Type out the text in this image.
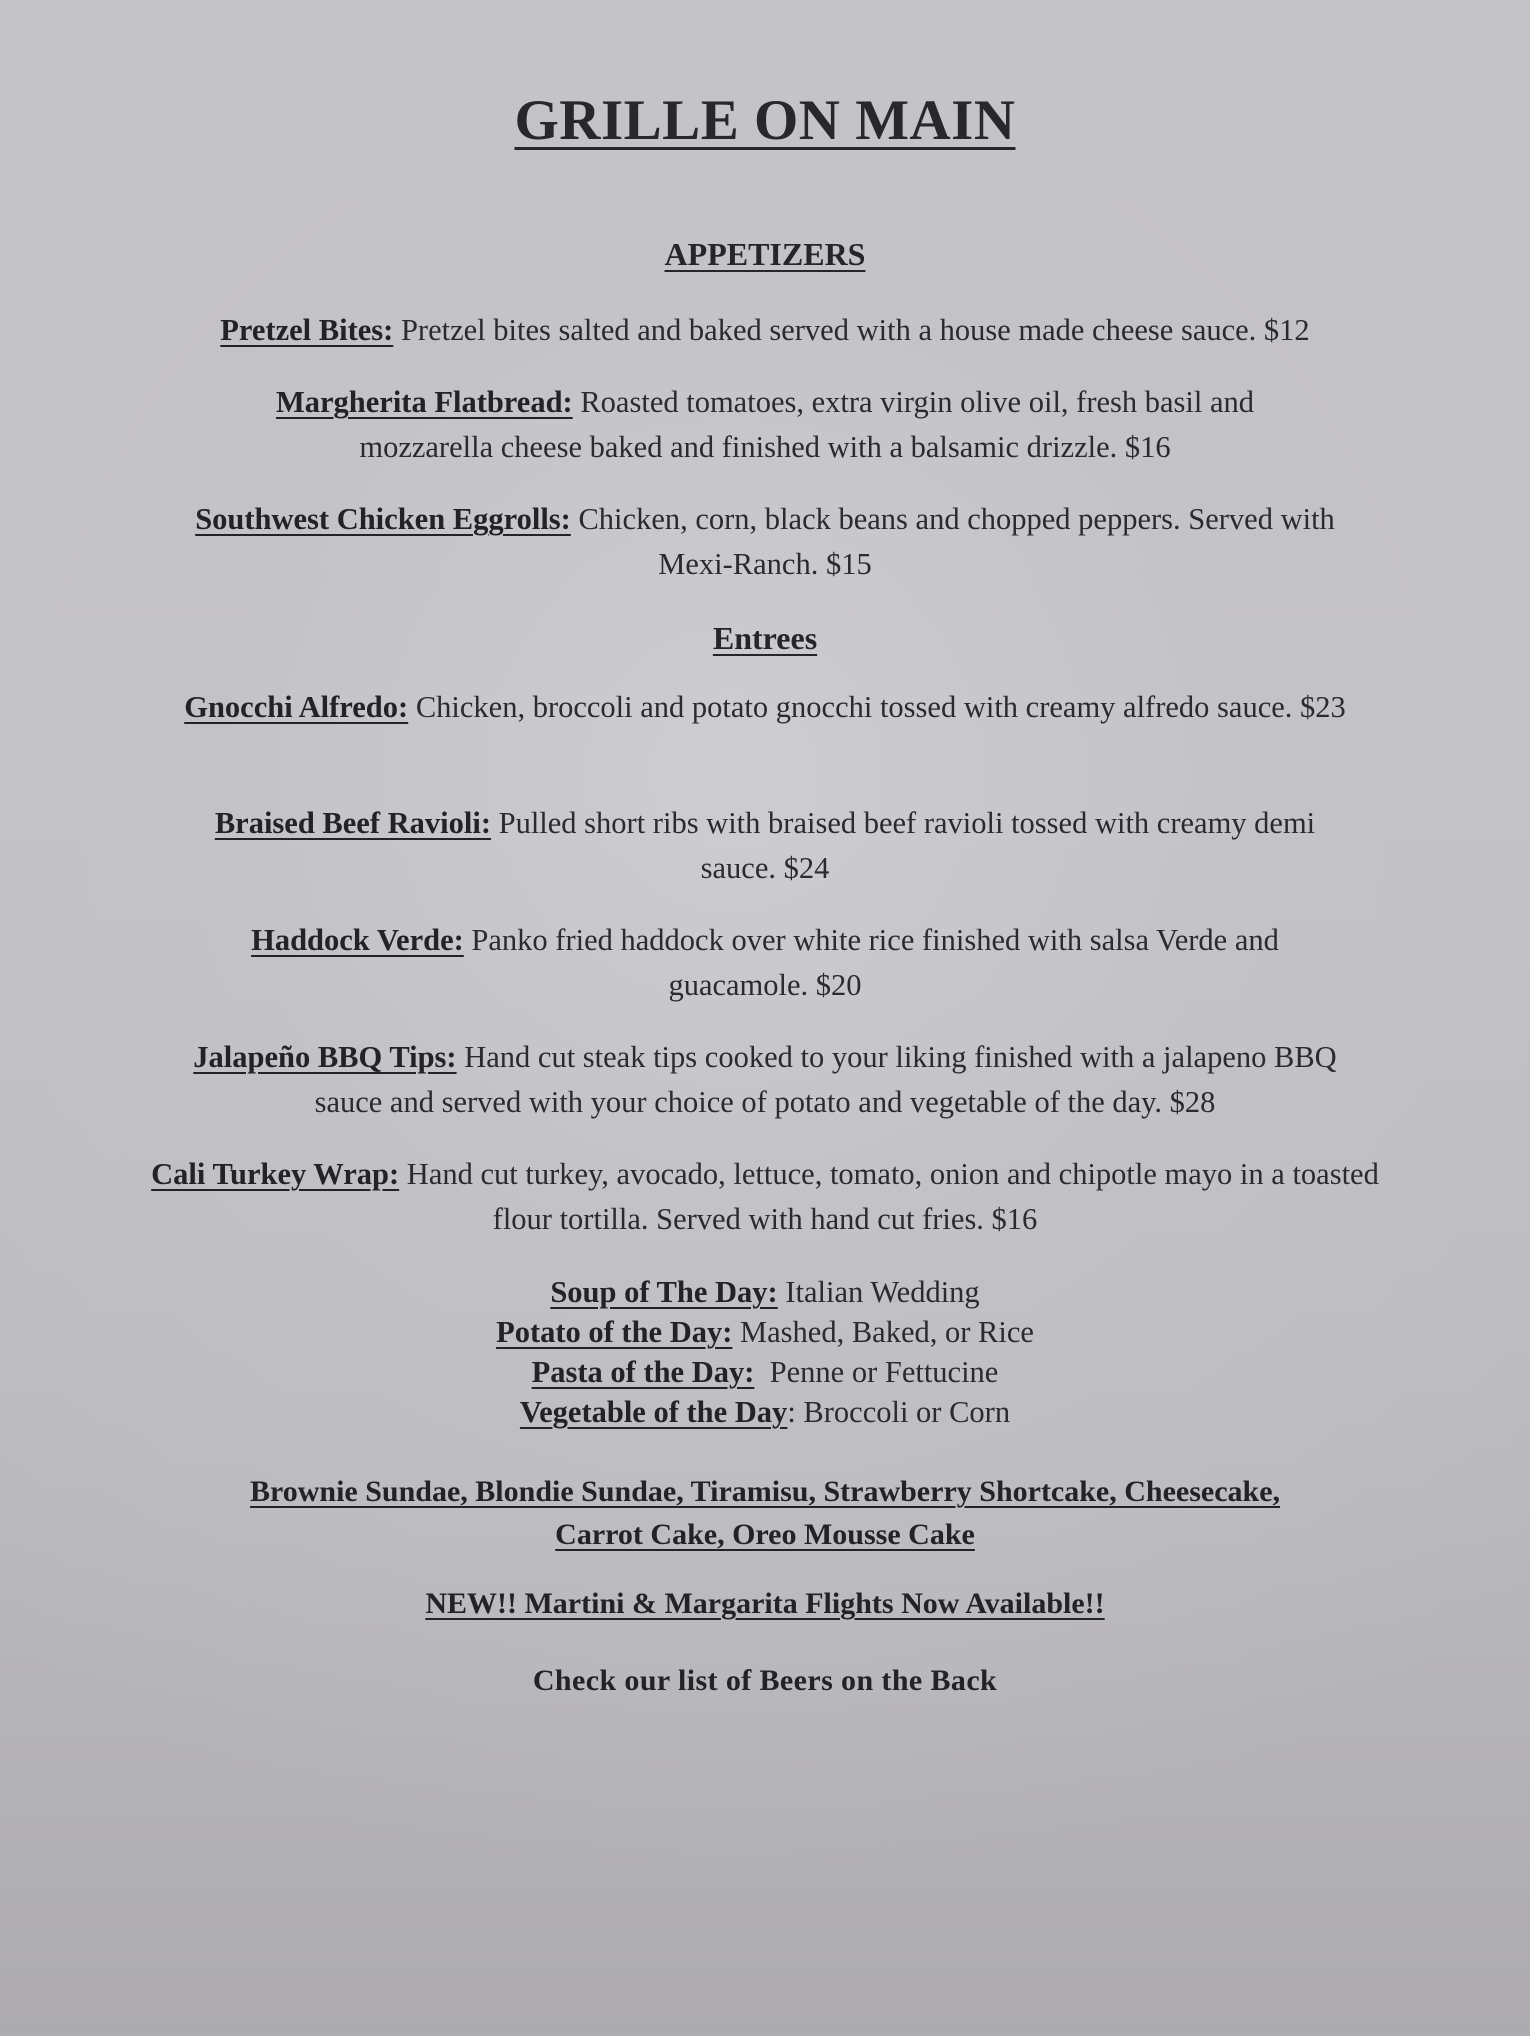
GRILLE ON MAIN
APPETIZERS

Pretzel Bites: Pretzel bites salted and baked served with a house made cheese sauce. $12

Margherita Flatbread: Roasted tomatoes, extra virgin olive oil, fresh basil and mozzarella cheese baked and finished with a balsamic drizzle. $16

Southwest Chicken Eggrolls: Chicken, corn, black beans and chopped peppers. Served with Mexi-Ranch. $15

Entrees

Gnocchi Alfredo: Chicken, broccoli and potato gnocchi tossed with creamy alfredo sauce. $23

Braised Beef Ravioli: Pulled short ribs with braised beef ravioli tossed with creamy demi sauce. $24

Haddock Verde: Panko fried haddock over white rice finished with salsa Verde and guacamole. $20

Jalapeño BBQ Tips: Hand cut steak tips cooked to your liking finished with a jalapeno BBQ sauce and served with your choice of potato and vegetable of the day. $28

Cali Turkey Wrap: Hand cut turkey, avocado, lettuce, tomato, onion and chipotle mayo in a toasted flour tortilla. Served with hand cut fries. $16

Soup of The Day: Italian Wedding
Potato of the Day: Mashed, Baked, or Rice
Pasta of the Day:  Penne or Fettucine
Vegetable of the Day: Broccoli or Corn

Brownie Sundae, Blondie Sundae, Tiramisu, Strawberry Shortcake, Cheesecake,
Carrot Cake, Oreo Mousse Cake

NEW!! Martini & Margarita Flights Now Available!!

Check our list of Beers on the Back
